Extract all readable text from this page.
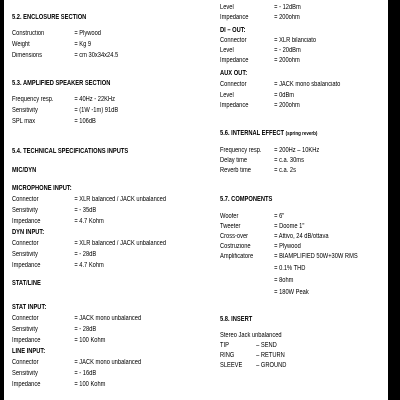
5.2. ENCLOSURE SECTION
Construction	= Plywood
Weight	= Kg 9
Dimensions	= cm 30x34x24.5
5.3. AMPLIFIED SPEAKER SECTION
Frequency resp.	= 40Hz - 22KHz
Sensitivity	= (1W -1m) 91dB
SPL max	= 106dB
5.4. TECHNICAL SPECIFICATIONS INPUTS
MIC/DYN
MICROPHONE INPUT:
Connector	= XLR balanced / JACK unbalanced
Sensitivity	= - 35dB
Impedance	= 4.7 Kohm
DYN INPUT:
Connector	= XLR balanced / JACK unbalanced
Sensitivity	= - 28dB
Impedance	= 4.7 Kohm
STAT/LINE
STAT INPUT:
Connector	= JACK mono unbalanced
Sensitivity	= - 28dB
Impedance	= 100 Kohm
LINE INPUT:
Connector	= JACK mono unbalanced
Sensitivity	= - 16dB
Impedance	= 100 Kohm
Level	= - 12dBm
Impedance	= 200ohm
DI – OUT:
Connector	= XLR bilanciato
Level	= - 20dBm
Impedance	= 200ohm
AUX OUT:
Connector	= JACK mono sbalanciato
Level	= 0dBm
Impedance	= 200ohm
5.6. INTERNAL EFFECT (spring reverb)
Frequency resp. = 200Hz – 10KHz
Delay time	= c.a. 30ms
Reverb time	= c.a. 2s
5.7. COMPONENTS
Woofer	= 6"
Tweeter	= Doome 1"
Cross-over	= Attivo, 24 dB/ottava
Costruzione	= Plywood
Amplificatore	= BIAMPLIFIED 50W+30W RMS
= 0.1% THD
= 8ohm
= 180W Peak
5.8. INSERT
Stereo Jack unbalanced
TIP	– SEND
RING	– RETURN
SLEEVE – GROUND
